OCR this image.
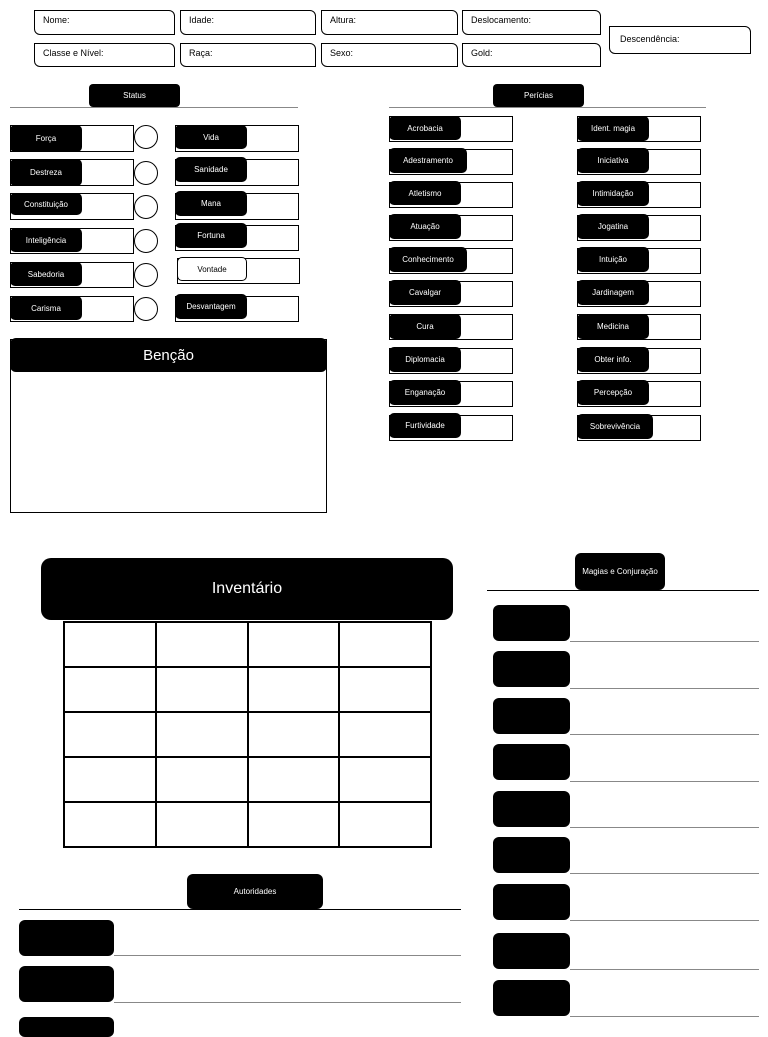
Nome:	Idade:	Altura:	Deslocamento:
Classe e Nível:	Raça:	Sexo:	Gold:
Descendência:
Status
Força
Destreza
Constituição
Inteligência
Sabedoria
Carisma
Vida
Sanidade
Mana
Fortuna
Vontade
Desvantagem
Benção
Perícias
Acrobacia
Adestramento
Atletismo
Atuação
Conhecimento
Cavalgar
Cura
Diplomacia
Enganação
Furtividade
Ident. magia
Iniciativa
Intimidação
Jogatina
Intuição
Jardinagem
Medicina
Obter info.
Percepção
Sobrevivência
Inventário
Autoridades
Magias e Conjuração
